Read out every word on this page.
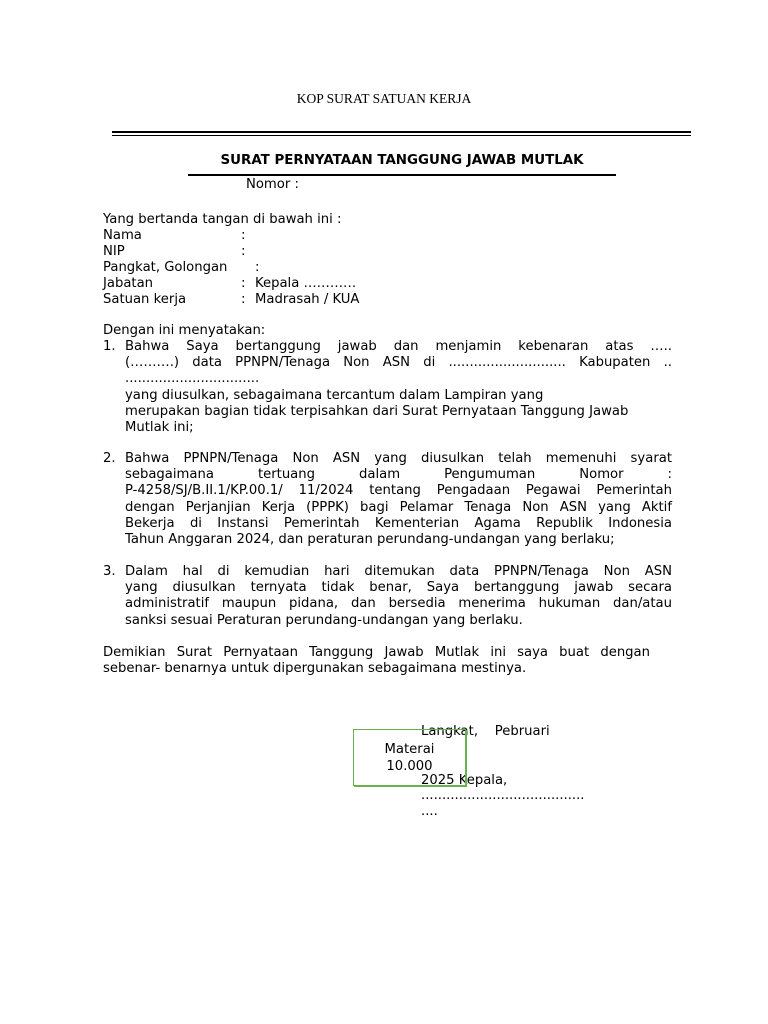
KOP SURAT SATUAN KERJA
SURAT PERNYATAAN TANGGUNG JAWAB MUTLAK
Nomor :
Yang bertanda tangan di bawah ini :
Nama	:
NIP	:
Pangkat, Golongan :
Jabatan	: Kepala …………
Satuan kerja	: Madrasah / KUA
Dengan ini menyatakan:
1. Bahwa Saya bertanggung jawab dan menjamin kebenaran atas …..
(……….) data PPNPN/Tenaga Non ASN di ............................ Kabupaten ..
................................
yang diusulkan, sebagaimana tercantum dalam Lampiran yang
merupakan bagian tidak terpisahkan dari Surat Pernyataan Tanggung Jawab
Mutlak ini;
2. Bahwa PPNPN/Tenaga Non ASN yang diusulkan telah memenuhi syarat
sebagaimana tertuang dalam Pengumuman Nomor :
P-4258/SJ/B.II.1/KP.00.1/ 11/2024 tentang Pengadaan Pegawai Pemerintah
dengan Perjanjian Kerja (PPPK) bagi Pelamar Tenaga Non ASN yang Aktif
Bekerja di Instansi Pemerintah Kementerian Agama Republik Indonesia
Tahun Anggaran 2024, dan peraturan perundang-undangan yang berlaku;
3. Dalam hal di kemudian hari ditemukan data PPNPN/Tenaga Non ASN
yang diusulkan ternyata tidak benar, Saya bertanggung jawab secara
administratif maupun pidana, dan bersedia menerima hukuman dan/atau
sanksi sesuai Peraturan perundang-undangan yang berlaku.
Demikian Surat Pernyataan Tanggung Jawab Mutlak ini saya buat dengan
sebenar- benarnya untuk dipergunakan sebagaimana mestinya.

Langkat,    Pebruari

2025 Kepala,

Materai
10.000
.......................................
....
